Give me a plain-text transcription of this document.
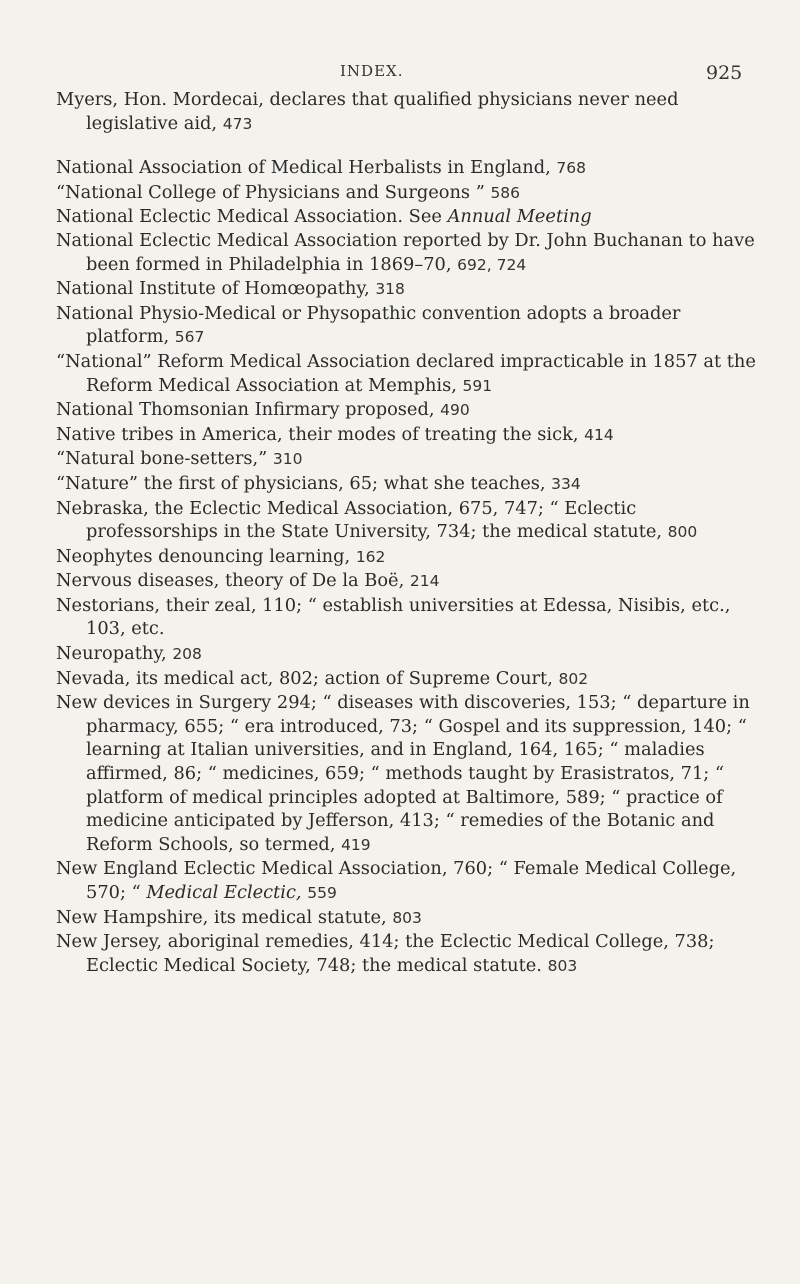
INDEX.	925

Myers, Hon. Mordecai, declares that qualified physicians never need legislative aid, 473

National Association of Medical Herbalists in England, 768

“National College of Physicians and Surgeons ” 586

National Eclectic Medical Association. See Annual Meeting

National Eclectic Medical Association reported by Dr. John Buchanan to have been formed in Philadelphia in 1869–70, 692, 724

National Institute of Homœopathy, 318

National Physio-Medical or Physopathic convention adopts a broader platform, 567

“National” Reform Medical Association declared impracticable in 1857 at the Reform Medical Association at Memphis, 591

National Thomsonian Infirmary proposed, 490

Native tribes in America, their modes of treating the sick, 414

“Natural bone-setters,” 310

“Nature” the first of physicians, 65; what she teaches, 334

Nebraska, the Eclectic Medical Association, 675, 747; “ Eclectic professorships in the State University, 734; the medical statute, 800

Neophytes denouncing learning, 162

Nervous diseases, theory of De la Boë, 214

Nestorians, their zeal, 110; “ establish universities at Edessa, Nisibis, etc., 103, etc.

Neuropathy, 208

Nevada, its medical act, 802; action of Supreme Court, 802

New devices in Surgery 294; “ diseases with discoveries, 153; “ departure in pharmacy, 655; “ era introduced, 73; “ Gospel and its suppression, 140; “ learning at Italian universities, and in England, 164, 165; “ maladies affirmed, 86; “ medicines, 659; “ methods taught by Erasistratos, 71; “ platform of medical principles adopted at Baltimore, 589; “ practice of medicine anticipated by Jefferson, 413; “ remedies of the Botanic and Reform Schools, so termed, 419

New England Eclectic Medical Association, 760; “ Female Medical College, 570; “ Medical Eclectic, 559

New Hampshire, its medical statute, 803

New Jersey, aboriginal remedies, 414; the Eclectic Medical College, 738; Eclectic Medical Society, 748; the medical statute. 803
